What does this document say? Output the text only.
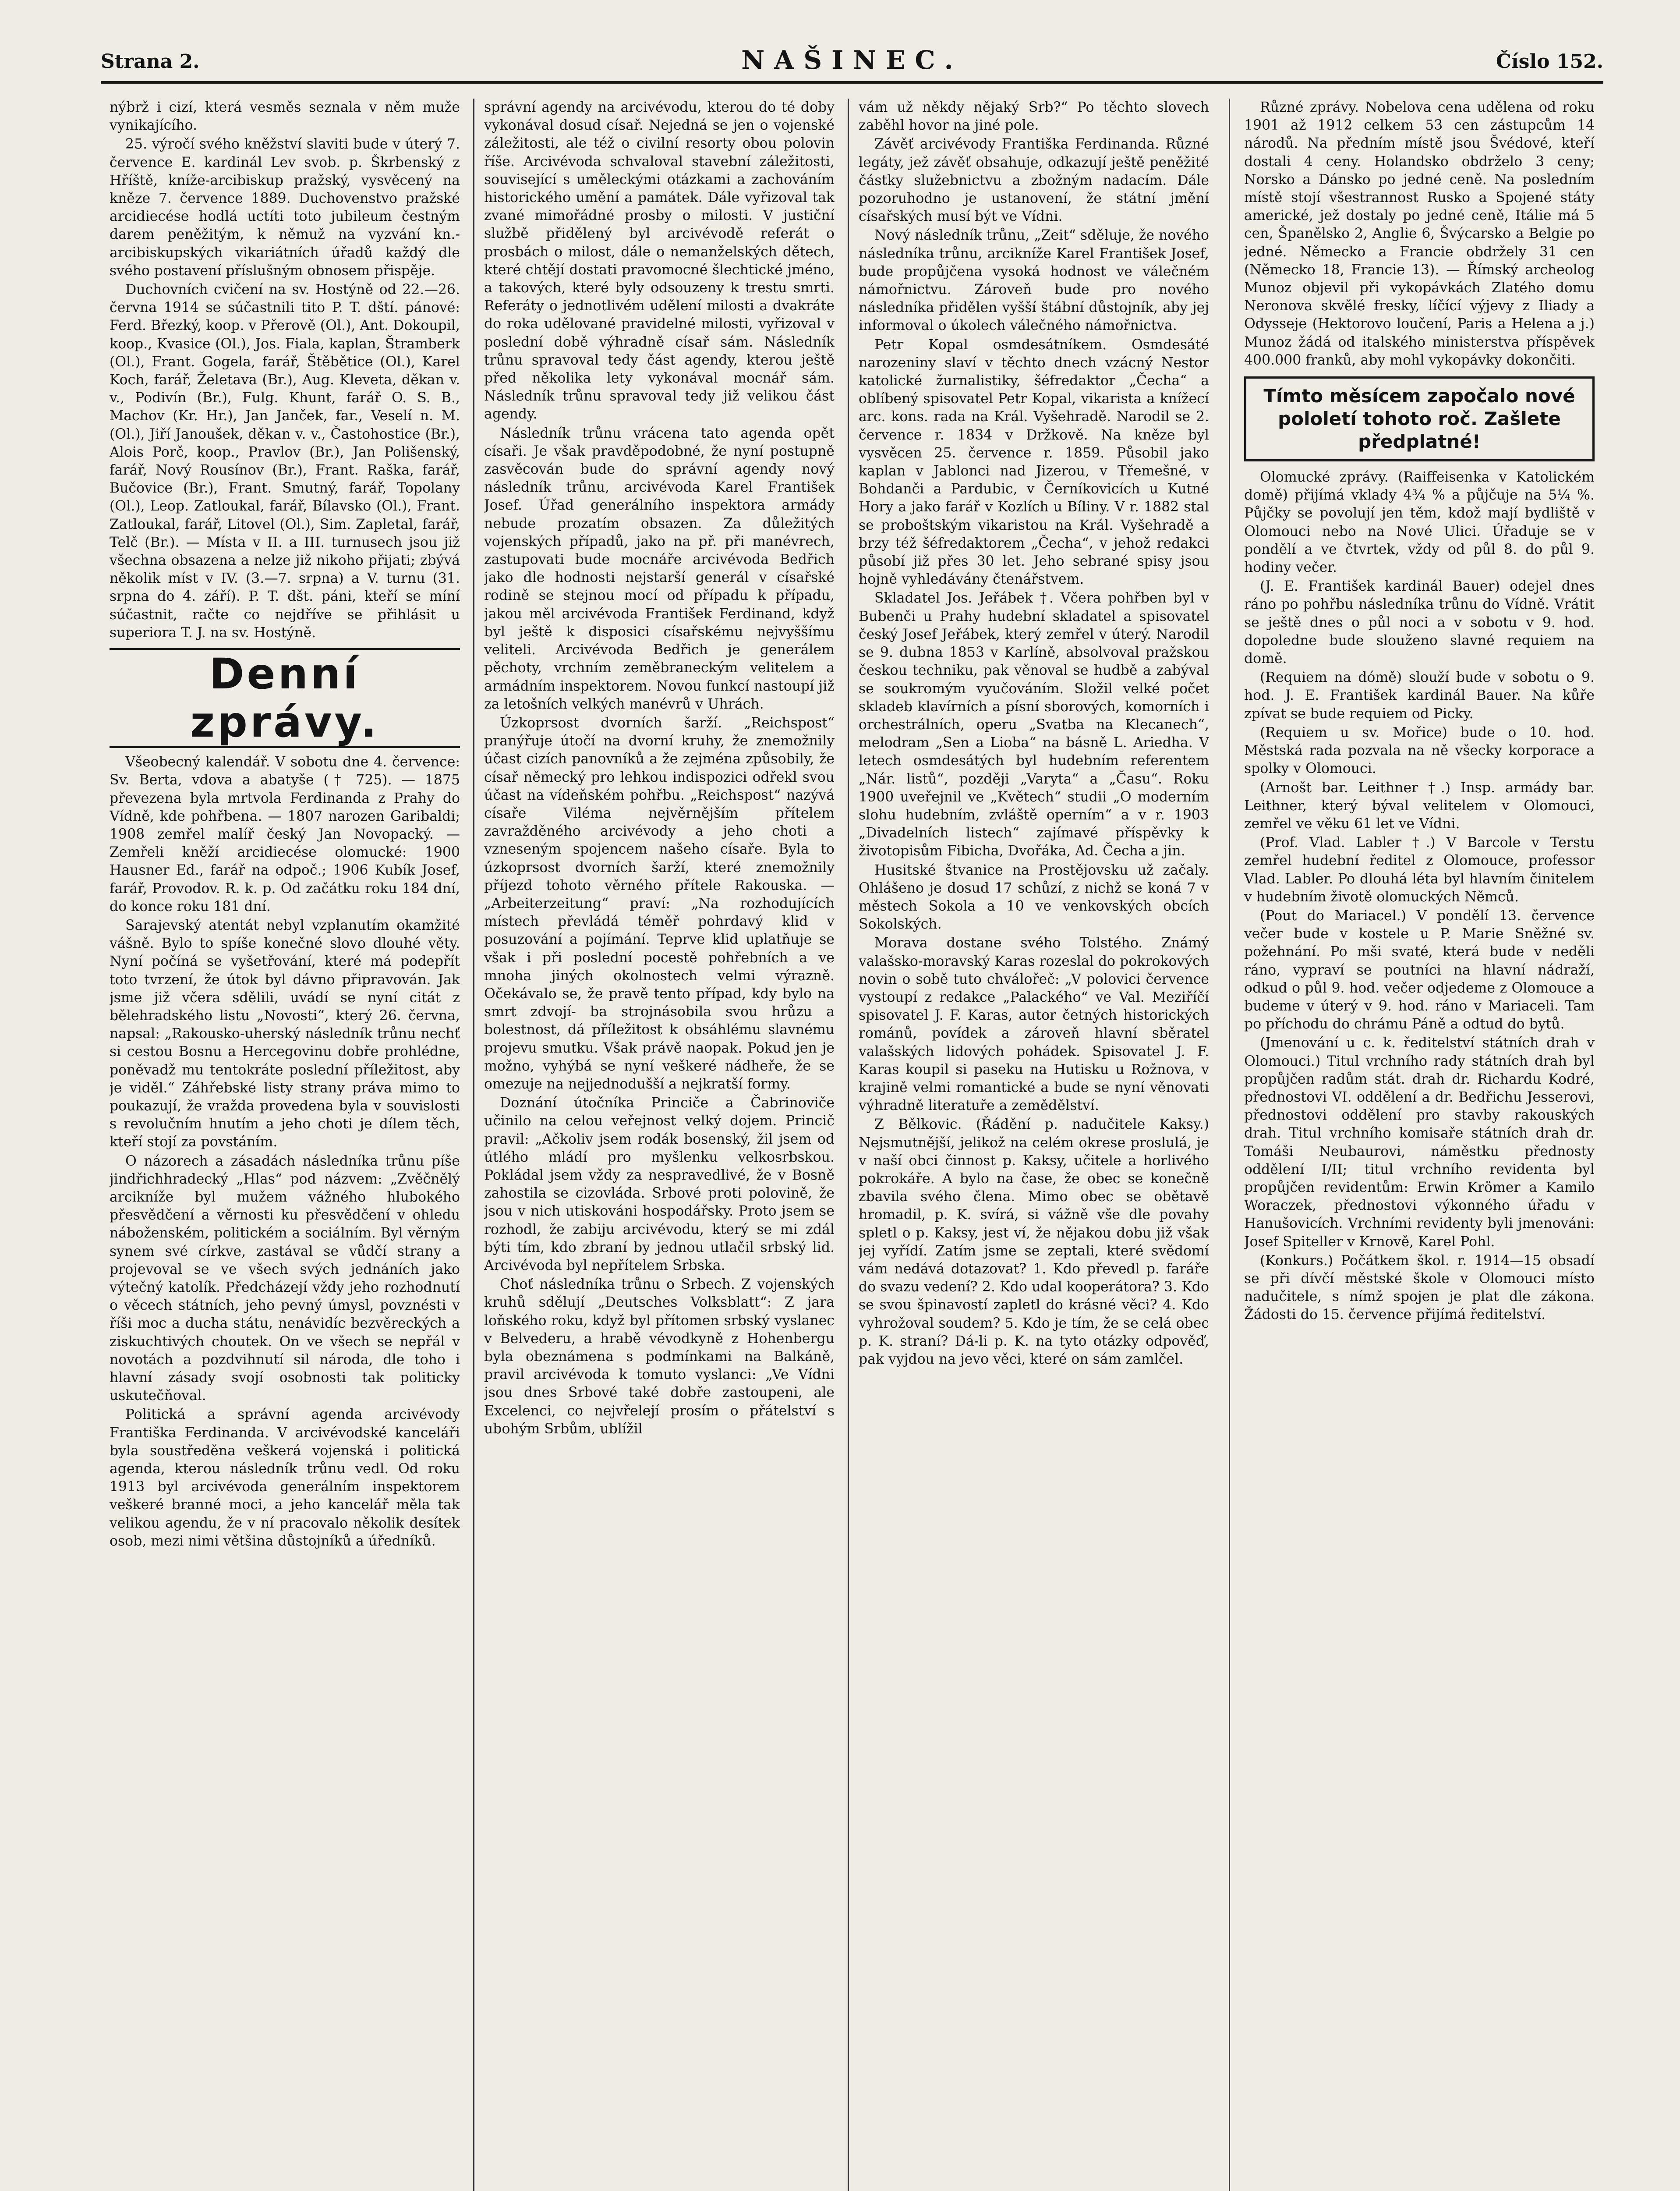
Strana 2.	NAŠINEC.	Číslo 152.

nýbrž i cizí, která vesměs seznala v něm muže vynikajícího.

25. výročí svého kněžství slaviti bude v úterý 7. července E. kardinál Lev svob. p. Škrbenský z Hříště, kníže-arcibiskup pražský, vysvěcený na kněze 7. července 1889. Duchovenstvo pražské arcidiecése hodlá uctíti toto jubileum čestným darem peněžitým, k němuž na vyzvání kn.-arcibiskupských vikariátních úřadů každý dle svého postavení příslušným obnosem přispěje.

Duchovních cvičení na sv. Hostýně od 22.—26. června 1914 se súčastnili tito P. T. dští. pánové: Ferd. Březký, koop. v Přerově (Ol.), Ant. Dokoupil, koop., Kvasice (Ol.), Jos. Fiala, kaplan, Štramberk (Ol.), Frant. Gogela, farář, Štěbětice (Ol.), Karel Koch, farář, Želetava (Br.), Aug. Kleveta, děkan v. v., Podivín (Br.), Fulg. Khunt, farář O. S. B., Machov (Kr. Hr.), Jan Janček, far., Veselí n. M. (Ol.), Jiří Janoušek, děkan v. v., Častohostice (Br.), Alois Porč, koop., Pravlov (Br.), Jan Polišenský, farář, Nový Rousínov (Br.), Frant. Raška, farář, Bučovice (Br.), Frant. Smutný, farář, Topolany (Ol.), Leop. Zatloukal, farář, Bílavsko (Ol.), Frant. Zatloukal, farář, Litovel (Ol.), Sim. Zapletal, farář, Telč (Br.). — Místa v II. a III. turnusech jsou již všechna obsazena a nelze již nikoho přijati; zbývá několik míst v IV. (3.—7. srpna) a V. turnu (31. srpna do 4. září). P. T. dšt. páni, kteří se míní súčastnit, račte co nejdříve se přihlásit u superiora T. J. na sv. Hostýně.

Denní zprávy.

Všeobecný kalendář. V sobotu dne 4. července: Sv. Berta, vdova a abatyše († 725). — 1875 převezena byla mrtvola Ferdinanda z Prahy do Vídně, kde pohřbena. — 1807 narozen Garibaldi; 1908 zemřel malíř český Jan Novopacký. — Zemřeli kněží arcidiecése olomucké: 1900 Hausner Ed., farář na odpoč.; 1906 Kubík Josef, farář, Provodov. R. k. p. Od začátku roku 184 dní, do konce roku 181 dní.

Sarajevský atentát nebyl vzplanutím okamžité vášně. Bylo to spíše konečné slovo dlouhé věty. Nyní počíná se vyšetřování, které má podepřít toto tvrzení, že útok byl dávno připravován. Jak jsme již včera sdělili, uvádí se nyní citát z bělehradského listu „Novosti“, který 26. června, napsal: „Rakousko-uherský následník trůnu nechť si cestou Bosnu a Hercegovinu dobře prohlédne, poněvadž mu tentokráte poslední příležitost, aby je viděl.“ Záhřebské listy strany práva mimo to poukazují, že vražda provedena byla v souvislosti s revolučním hnutím a jeho choti je dílem těch, kteří stojí za povstáním.

O názorech a zásadách následníka trůnu píše jindřichhradecký „Hlas“ pod názvem: „Zvěčnělý arcikníže byl mužem vážného hlubokého přesvědčení a věrnosti ku přesvědčení v ohledu náboženském, politickém a sociálním. Byl věrným synem své církve, zastával se vůdčí strany a projevoval se ve všech svých jednáních jako výtečný katolík. Předcházejí vždy jeho rozhodnutí o věcech státních, jeho pevný úmysl, povznésti v říši moc a ducha státu, nenávidíc bezvěreckých a ziskuchtivých choutek. On ve všech se nepřál v novotách a pozdvihnutí sil národa, dle toho i hlavní zásady svojí osobnosti tak politicky uskutečňoval.

Politická a správní agenda arcivévody Františka Ferdinanda. V arcivévodské kanceláři byla soustředěna veškerá vojenská i politická agenda, kterou následník trůnu vedl. Od roku 1913 byl arcivévoda generálním inspektorem veškeré branné moci, a jeho kancelář měla tak velikou agendu, že v ní pracovalo několik desítek osob, mezi nimi většina důstojníků a úředníků.

správní agendy na arcivévodu, kterou do té doby vykonával dosud císař. Nejedná se jen o vojenské záležitosti, ale též o civilní resorty obou polovin říše. Arcivévoda schvaloval stavební záležitosti, související s uměleckými otázkami a zachováním historického umění a památek. Dále vyřizoval tak zvané mimořádné prosby o milosti. V justiční službě přidělený byl arcivévodě referát o prosbách o milost, dále o nemanželských dětech, které chtějí dostati pravomocné šlechtické jméno, a takových, které byly odsouzeny k trestu smrti. Referáty o jednotlivém udělení milosti a dvakráte do roka udělované pravidelné milosti, vyřizoval v poslední době výhradně císař sám. Následník trůnu spravoval tedy část agendy, kterou ještě před několika lety vykonával mocnář sám. Následník trůnu spravoval tedy již velikou část agendy.

Následník trůnu vrácena tato agenda opět císaři. Je však pravděpodobné, že nyní postupně zasvěcován bude do správní agendy nový následník trůnu, arcivévoda Karel František Josef. Úřad generálního inspektora armády nebude prozatím obsazen. Za důležitých vojenských případů, jako na př. při manévrech, zastupovati bude mocnáře arcivévoda Bedřich jako dle hodnosti nejstarší generál v císařské rodině se stejnou mocí od případu k případu, jakou měl arcivévoda František Ferdinand, když byl ještě k disposici císařskému nejvyššímu veliteli. Arcivévoda Bedřich je generálem pěchoty, vrchním zeměbraneckým velitelem a armádním inspektorem. Novou funkcí nastoupí již za letošních velkých manévrů v Uhrách.

Úzkoprsost dvorních šarží. „Reichspost“ pranýřuje útočí na dvorní kruhy, že znemožnily účast cizích panovníků a že zejména způsobily, že císař německý pro lehkou indispozici odřekl svou účast na vídeňském pohřbu. „Reichspost“ nazývá císaře Viléma nejvěrnějším přítelem zavražděného arcivévody a jeho choti a vzneseným spojencem našeho císaře. Byla to úzkoprsost dvorních šarží, které znemožnily příjezd tohoto věrného přítele Rakouska. — „Arbeiterzeitung“ praví: „Na rozhodujících místech převládá téměř pohrdavý klid v posuzování a pojímání. Teprve klid uplatňuje se však i při poslední pocestě pohřebních a ve mnoha jiných okolnostech velmi výrazně. Očekávalo se, že pravě tento případ, kdy bylo na smrt zdvojí- ba strojnásobila svou hrůzu a bolestnost, dá příležitost k obsáhlému slavnému projevu smutku. Však právě naopak. Pokud jen je možno, vyhýbá se nyní veškeré nádheře, že se omezuje na nejjednodušší a nejkratší formy.

Doznání útočníka Princiče a Čabrinoviče učinilo na celou veřejnost velký dojem. Princič pravil: „Ačkoliv jsem rodák bosenský, žil jsem od útlého mládí pro myšlenku velkosrbskou. Pokládal jsem vždy za nespravedlivé, že v Bosně zahostila se cizovláda. Srbové proti polovině, že jsou v nich utiskováni hospodářsky. Proto jsem se rozhodl, že zabiju arcivévodu, který se mi zdál býti tím, kdo zbraní by jednou utlačil srbský lid. Arcivévoda byl nepřítelem Srbska.

Choť následníka trůnu o Srbech. Z vojenských kruhů sdělují „Deutsches Volksblatt“: Z jara loňského roku, když byl přítomen srbský vyslanec v Belvederu, a hrabě vévodkyně z Hohenbergu byla obeznámena s podmínkami na Balkáně, pravil arcivévoda k tomuto vyslanci: „Ve Vídni jsou dnes Srbové také dobře zastoupeni, ale Excelenci, co nejvřelejí prosím o přátelství s ubohým Srbům, ublížil

vám už někdy nějaký Srb?“ Po těchto slovech zaběhl hovor na jiné pole.

Závěť arcivévody Františka Ferdinanda. Různé legáty, jež závěť obsahuje, odkazují ještě peněžité částky služebnictvu a zbožným nadacím. Dále pozoruhodno je ustanovení, že státní jmění císařských musí být ve Vídni.

Nový následník trůnu, „Zeit“ sděluje, že nového následníka trůnu, arcikníže Karel František Josef, bude propůjčena vysoká hodnost ve válečném námořnictvu. Zároveň bude pro nového následníka přidělen vyšší štábní důstojník, aby jej informoval o úkolech válečného námořnictva.

Petr Kopal osmdesátníkem. Osmdesáté narozeniny slaví v těchto dnech vzácný Nestor katolické žurnalistiky, šéfredaktor „Čecha“ a oblíbený spisovatel Petr Kopal, vikarista a knížecí arc. kons. rada na Král. Vyšehradě. Narodil se 2. července r. 1834 v Držkově. Na kněze byl vysvěcen 25. července r. 1859. Působil jako kaplan v Jablonci nad Jizerou, v Třemešné, v Bohdanči a Pardubic, v Černíkovicích u Kutné Hory a jako farář v Kozlích u Bíliny. V r. 1882 stal se proboštským vikaristou na Král. Vyšehradě a brzy též šéfredaktorem „Čecha“, v jehož redakci působí již přes 30 let. Jeho sebrané spisy jsou hojně vyhledávány čtenářstvem.

Skladatel Jos. Jeřábek †. Včera pohřben byl v Bubenči u Prahy hudební skladatel a spisovatel český Josef Jeřábek, který zemřel v úterý. Narodil se 9. dubna 1853 v Karlíně, absolvoval pražskou českou techniku, pak věnoval se hudbě a zabýval se soukromým vyučováním. Složil velké počet skladeb klavírních a písní sborových, komorních i orchestrálních, operu „Svatba na Klecanech“, melodram „Sen a Lioba“ na básně L. Ariedha. V letech osmdesátých byl hudebním referentem „Nár. listů“, později „Varyta“ a „Času“. Roku 1900 uveřejnil ve „Květech“ studii „O moderním slohu hudebním, zvláště operním“ a v r. 1903 „Divadelních listech“ zajímavé příspěvky k životopisům Fibicha, Dvořáka, Ad. Čecha a jin.

Husitské štvanice na Prostějovsku už začaly. Ohlášeno je dosud 17 schůzí, z nichž se koná 7 v městech Sokola a 10 ve venkovských obcích Sokolských.

Morava dostane svého Tolstého. Známý valašsko-moravský Karas rozeslal do pokrokových novin o sobě tuto chválořeč: „V polovici července vystoupí z redakce „Palackého“ ve Val. Meziříčí spisovatel J. F. Karas, autor četných historických románů, povídek a zároveň hlavní sběratel valašských lidových pohádek. Spisovatel J. F. Karas koupil si paseku na Hutisku u Rožnova, v krajině velmi romantické a bude se nyní věnovati výhradně literatuře a zemědělství.

Z Bělkovic. (Řádění p. nadučitele Kaksy.) Nejsmutnější, jelikož na celém okrese proslulá, je v naší obci činnost p. Kaksy, učitele a horlivého pokrokáře. A bylo na čase, že obec se konečně zbavila svého člena. Mimo obec se obětavě hromadil, p. K. svírá, si vážně vše dle povahy spletl o p. Kaksy, jest ví, že nějakou dobu již však jej vyřídí. Zatím jsme se zeptali, které svědomí vám nedává dotazovat? 1. Kdo převedl p. faráře do svazu vedení? 2. Kdo udal kooperátora? 3. Kdo se svou špinavostí zapletl do krásné věci? 4. Kdo vyhrožoval soudem? 5. Kdo je tím, že se celá obec p. K. straní? Dá-li p. K. na tyto otázky odpověď, pak vyjdou na jevo věci, které on sám zamlčel.

Různé zprávy. Nobelova cena udělena od roku 1901 až 1912 celkem 53 cen zástupcům 14 národů. Na předním místě jsou Švédové, kteří dostali 4 ceny. Holandsko obdrželo 3 ceny; Norsko a Dánsko po jedné ceně. Na posledním místě stojí všestrannost Rusko a Spojené státy americké, jež dostaly po jedné ceně, Itálie má 5 cen, Španělsko 2, Anglie 6, Švýcarsko a Belgie po jedné. Německo a Francie obdržely 31 cen (Německo 18, Francie 13). — Římský archeolog Munoz objevil při vykopávkách Zlatého domu Neronova skvělé fresky, líčící výjevy z Iliady a Odysseje (Hektorovo loučení, Paris a Helena a j.) Munoz žádá od italského ministerstva příspěvek 400.000 franků, aby mohl vykopávky dokončiti.

Tímto měsícem započalo nové pololetí tohoto roč. Zašlete předplatné!

Olomucké zprávy. (Raiffeisenka v Katolickém domě) přijímá vklady 4¾ % a půjčuje na 5¼ %. Půjčky se povolují jen těm, kdož mají bydliště v Olomouci nebo na Nové Ulici. Úřaduje se v pondělí a ve čtvrtek, vždy od půl 8. do půl 9. hodiny večer.

(J. E. František kardinál Bauer) odejel dnes ráno po pohřbu následníka trůnu do Vídně. Vrátit se ještě dnes o půl noci a v sobotu v 9. hod. dopoledne bude slouženo slavné requiem na domě.

(Requiem na dómě) slouží bude v sobotu o 9. hod. J. E. František kardinál Bauer. Na kůře zpívat se bude requiem od Picky.

(Requiem u sv. Mořice) bude o 10. hod. Městská rada pozvala na ně všecky korporace a spolky v Olomouci.

(Arnošt bar. Leithner †.) Insp. armády bar. Leithner, který býval velitelem v Olomouci, zemřel ve věku 61 let ve Vídni.

(Prof. Vlad. Labler †.) V Barcole v Terstu zemřel hudební ředitel z Olomouce, professor Vlad. Labler. Po dlouhá léta byl hlavním činitelem v hudebním životě olomuckých Němců.

(Pout do Mariacel.) V pondělí 13. července večer bude v kostele u P. Marie Sněžné sv. požehnání. Po mši svaté, která bude v neděli ráno, vypraví se poutníci na hlavní nádraží, odkud o půl 9. hod. večer odjedeme z Olomouce a budeme v úterý v 9. hod. ráno v Mariaceli. Tam po příchodu do chrámu Páně a odtud do bytů.

(Jmenování u c. k. ředitelství státních drah v Olomouci.) Titul vrchního rady státních drah byl propůjčen radům stát. drah dr. Richardu Kodré, přednostovi VI. oddělení a dr. Bedřichu Jesserovi, přednostovi oddělení pro stavby rakouských drah. Titul vrchního komisaře státních drah dr. Tomáši Neubaurovi, náměstku přednosty oddělení I/II; titul vrchního revidenta byl propůjčen revidentům: Erwin Krömer a Kamilo Woraczek, přednostovi výkonného úřadu v Hanušovicích. Vrchními revidenty byli jmenováni: Josef Spiteller v Krnově, Karel Pohl.

(Konkurs.) Počátkem škol. r. 1914—15 obsadí se při dívčí městské škole v Olomouci místo nadučitele, s nímž spojen je plat dle zákona. Žádosti do 15. července přijímá ředitelství.
